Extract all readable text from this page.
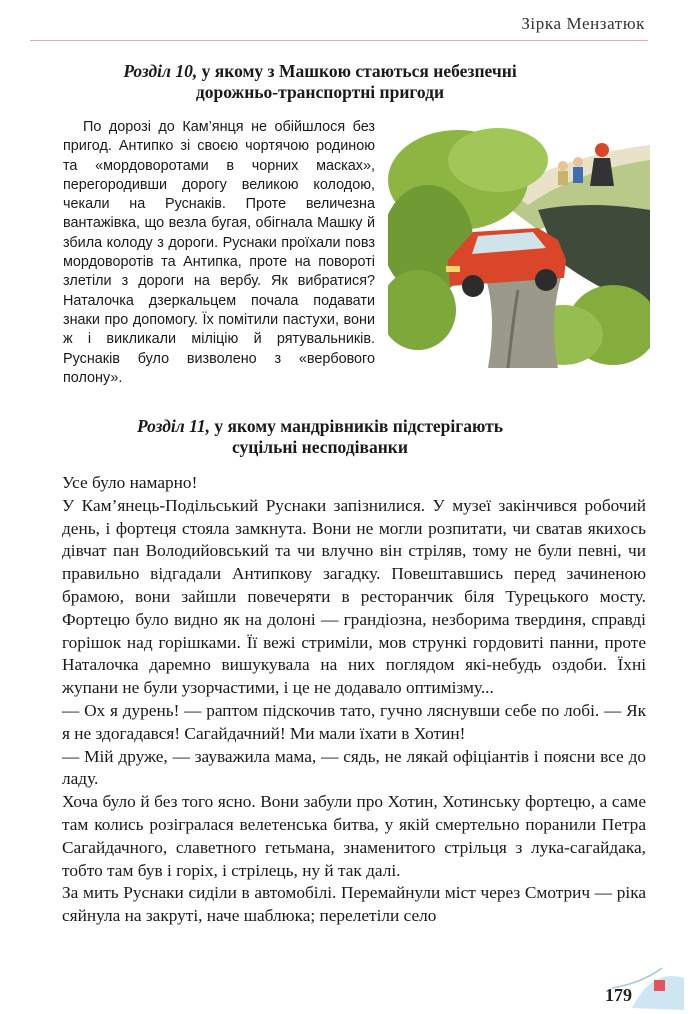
Зірка Мензатюк
Розділ 10, у якому з Машкою стаються небезпечні
дорожньо-транспортні пригоди

По дорозі до Кам’янця не обійшлося без пригод. Антипко зі своєю чортячою родиною та «мордоворотами в чорних масках», перегородивши дорогу великою колодою, чекали на Руснаків. Проте величезна вантажівка, що везла бугая, обігнала Машку й збила колоду з дороги. Руснаки проїхали повз мордоворотів та Антипка, проте на повороті злетіли з дороги на вербу. Як вибратися? Наталочка дзеркальцем почала подавати знаки про допомогу. Їх помітили пастухи, вони ж і викликали міліцію й рятувальників. Руснаків було визволено з «вербового полону».

Розділ 11, у якому мандрівників підстерігають
суцільні несподіванки

Усе було намарно!

У Кам’янець-Подільський Руснаки запізнилися. У музеї закінчився робочий день, і фортеця стояла замкнута. Вони не могли розпитати, чи сватав якихось дівчат пан Володийовський та чи влучно він стріляв, тому не були певні, чи правильно відгадали Антипкову загадку. Повештавшись перед зачиненою брамою, вони зайшли повечеряти в ресторанчик біля Турецького мосту. Фортецю було видно як на долоні — грандіозна, незборима твердиня, справді горішок над горішками. Її вежі стриміли, мов стрункі гордовиті панни, проте Наталочка даремно вишукувала на них поглядом які-небудь оздоби. Їхні жупани не були узорчастими, і це не додавало оптимізму...

— Ох я дурень! — раптом підскочив тато, гучно ляснувши себе по лобі. — Як я не здогадався! Сагайдачний! Ми мали їхати в Хотин!

— Мій друже, — зауважила мама, — сядь, не лякай офіціантів і поясни все до ладу.

Хоча було й без того ясно. Вони забули про Хотин, Хотинську фортецю, а саме там колись розігралася велетенська битва, у якій смертельно поранили Петра Сагайдачного, славетного гетьмана, знаменитого стрільця з лука-сагайдака, тобто там був і горіх, і стрілець, ну й так далі.

За мить Руснаки сиділи в автомобілі. Перемайнули міст через Смотрич — ріка сяйнула на закруті, наче шаблюка; перелетіли село

179
